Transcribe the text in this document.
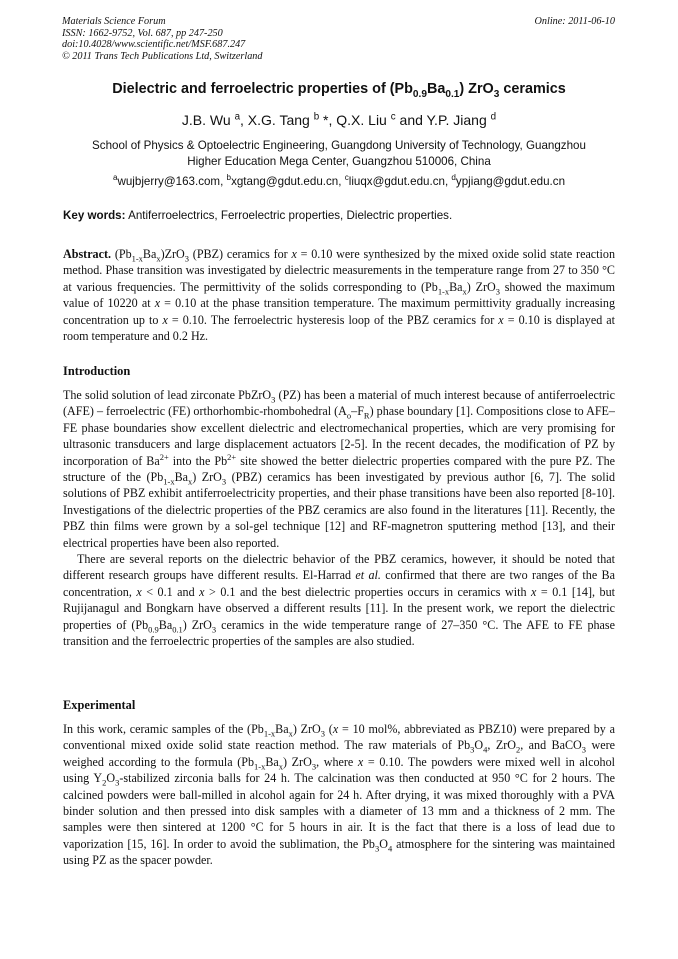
Materials Science Forum
ISSN: 1662-9752, Vol. 687, pp 247-250
doi:10.4028/www.scientific.net/MSF.687.247
© 2011 Trans Tech Publications Ltd, Switzerland
Online: 2011-06-10
Dielectric and ferroelectric properties of $(Pb_{0.9}Ba_{0.1})$ ZrO$_3$ ceramics
J.B. Wu $^a$, X.G. Tang $^b$ *, Q.X. Liu $^c$ and Y.P. Jiang $^d$
School of Physics & Optoelectric Engineering, Guangdong University of Technology, Guangzhou
Higher Education Mega Center, Guangzhou 510006, China
$^a$wujbjerry@163.com, $^b$xgtang@gdut.edu.cn, $^c$liuqx@gdut.edu.cn, $^d$ypjiang@gdut.edu.cn
Key words: Antiferroelectrics, Ferroelectric properties, Dielectric properties.

Abstract. $(Pb_{1-x}Ba_x)ZrO_3$ (PBZ) ceramics for x = 0.10 were synthesized by the mixed oxide solid state reaction method. Phase transition was investigated by dielectric measurements in the temperature range from 27 to 350 °C at various frequencies. The permittivity of the solids corresponding to $(Pb_{1-x}Ba_x)$ ZrO$_3$ showed the maximum value of 10220 at x = 0.10 at the phase transition temperature. The maximum permittivity gradually increasing concentration up to x = 0.10. The ferroelectric hysteresis loop of the PBZ ceramics for x = 0.10 is displayed at room temperature and 0.2 Hz.

Introduction

The solid solution of lead zirconate PbZrO$_3$ (PZ) has been a material of much interest because of antiferroelectric (AFE) – ferroelectric (FE) orthorhombic-rhombohedral $(A_o-F_R)$ phase boundary [1]. Compositions close to AFE–FE phase boundaries show excellent dielectric and electromechanical properties, which are very promising for ultrasonic transducers and large displacement actuators [2-5]. In the recent decades, the modification of PZ by incorporation of $Ba^{2+}$ into the $Pb^{2+}$ site showed the better dielectric properties compared with the pure PZ. The structure of the $(Pb_{1-x}Ba_x)$ ZrO$_3$ (PBZ) ceramics has been investigated by previous author [6, 7]. The solid solutions of PBZ exhibit antiferroelectricity properties, and their phase transitions have been also reported [8-10]. Investigations of the dielectric properties of the PBZ ceramics are also found in the literatures [11]. Recently, the PBZ thin films were grown by a sol-gel technique [12] and RF-magnetron sputtering method [13], and their electrical properties have been also reported.

There are several reports on the dielectric behavior of the PBZ ceramics, however, it should be noted that different research groups have different results. El-Harrad et al. confirmed that there are two ranges of the Ba concentration, x < 0.1 and x > 0.1 and the best dielectric properties occurs in ceramics with x = 0.1 [14], but Rujijanagul and Bongkarn have observed a different results [11]. In the present work, we report the dielectric properties of $(Pb_{0.9}Ba_{0.1})$ ZrO$_3$ ceramics in the wide temperature range of 27–350 °C. The AFE to FE phase transition and the ferroelectric properties of the samples are also studied.

Experimental

In this work, ceramic samples of the $(Pb_{1-x}Ba_x)$ ZrO$_3$ (x = 10 mol%, abbreviated as PBZ10) were prepared by a conventional mixed oxide solid state reaction method. The raw materials of $Pb_3O_4$, ZrO$_2$, and BaCO$_3$ were weighed according to the formula $(Pb_{1-x}Ba_x)$ ZrO$_3$, where x = 0.10. The powders were mixed well in alcohol using $Y_2O_3$-stabilized zirconia balls for 24 h. The calcination was then conducted at 950 °C for 2 hours. The calcined powders were ball-milled in alcohol again for 24 h. After drying, it was mixed thoroughly with a PVA binder solution and then pressed into disk samples with a diameter of 13 mm and a thickness of 2 mm. The samples were then sintered at 1200 °C for 5 hours in air. It is the fact that there is a loss of lead due to vaporization [15, 16]. In order to avoid the sublimation, the $Pb_3O_4$ atmosphere for the sintering was maintained using PZ as the spacer powder.
